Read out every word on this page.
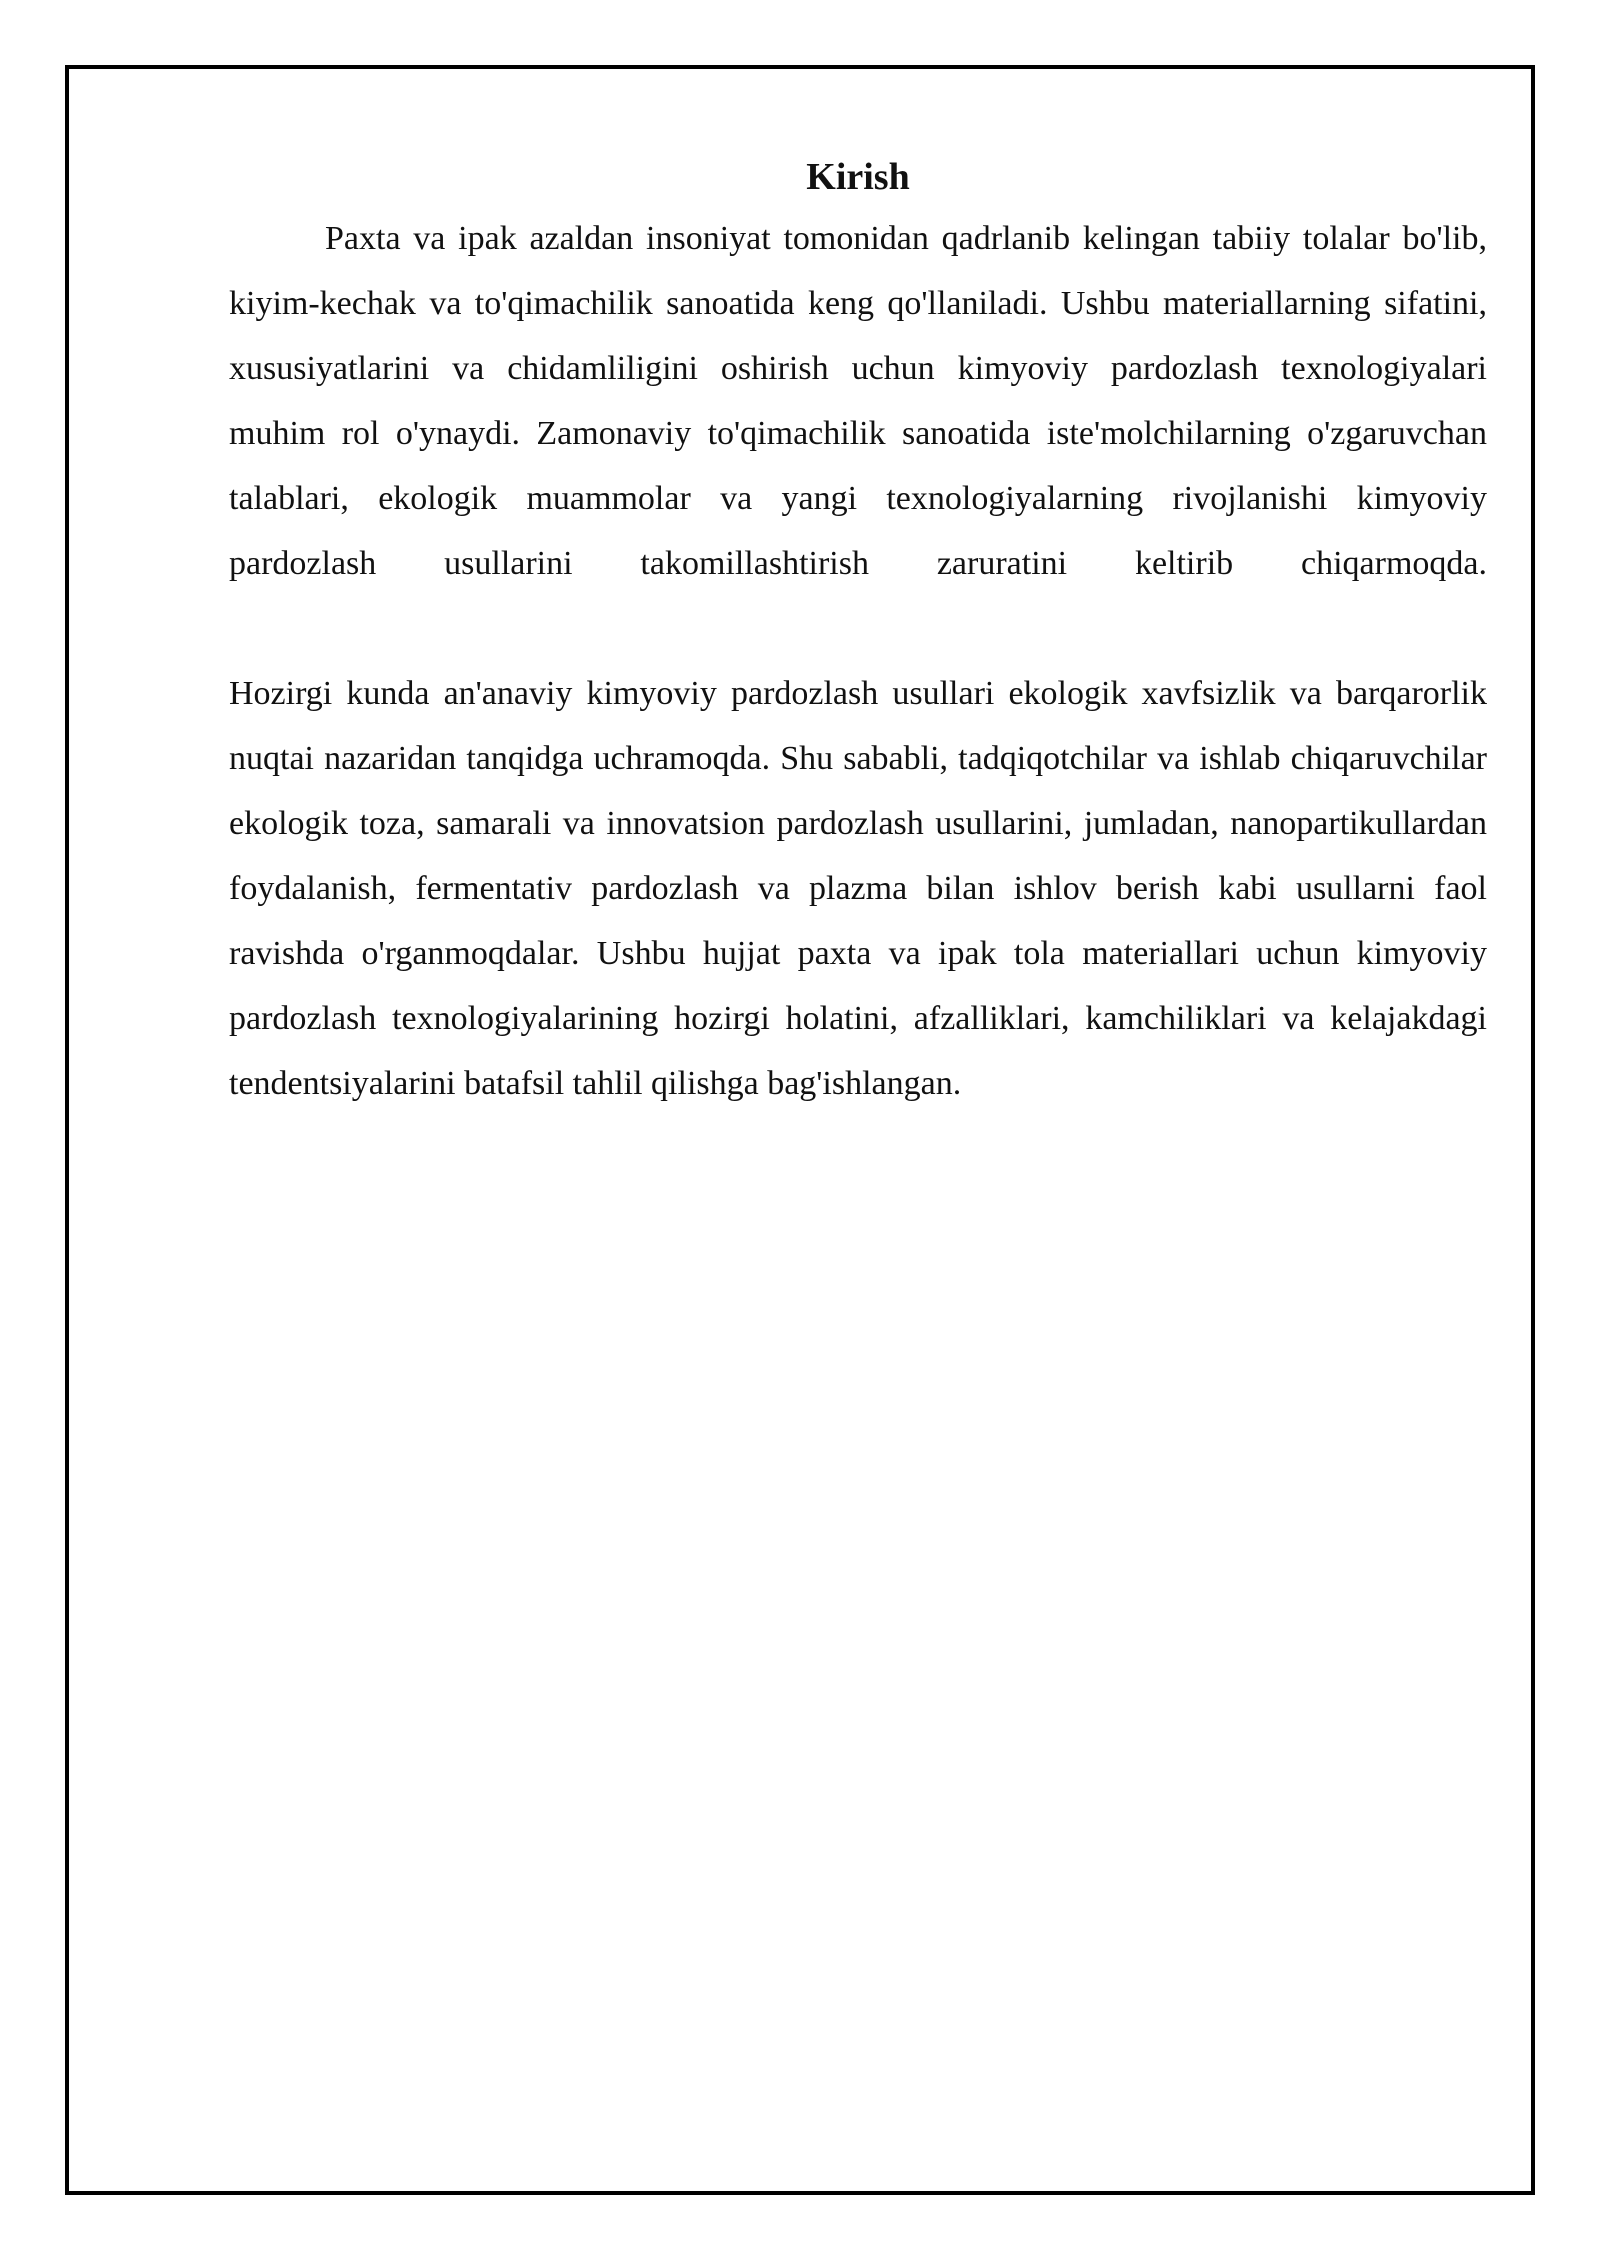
Kirish

Paxta va ipak azaldan insoniyat tomonidan qadrlanib kelingan tabiiy tolalar bo'lib, kiyim-kechak va to'qimachilik sanoatida keng qo'llaniladi. Ushbu materiallarning sifatini, xususiyatlarini va chidamliligini oshirish uchun kimyoviy pardozlash texnologiyalari muhim rol o'ynaydi. Zamonaviy to'qimachilik sanoatida iste'molchilarning o'zgaruvchan talablari, ekologik muammolar va yangi texnologiyalarning rivojlanishi kimyoviy pardozlash usullarini takomillashtirish zaruratini keltirib chiqarmoqda.

Hozirgi kunda an'anaviy kimyoviy pardozlash usullari ekologik xavfsizlik va barqarorlik nuqtai nazaridan tanqidga uchramoqda. Shu sababli, tadqiqotchilar va ishlab chiqaruvchilar ekologik toza, samarali va innovatsion pardozlash usullarini, jumladan, nanopartikullardan foydalanish, fermentativ pardozlash va plazma bilan ishlov berish kabi usullarni faol ravishda o'rganmoqdalar. Ushbu hujjat paxta va ipak tola materiallari uchun kimyoviy pardozlash texnologiyalarining hozirgi holatini, afzalliklari, kamchiliklari va kelajakdagi tendentsiyalarini batafsil tahlil qilishga bag'ishlangan.
